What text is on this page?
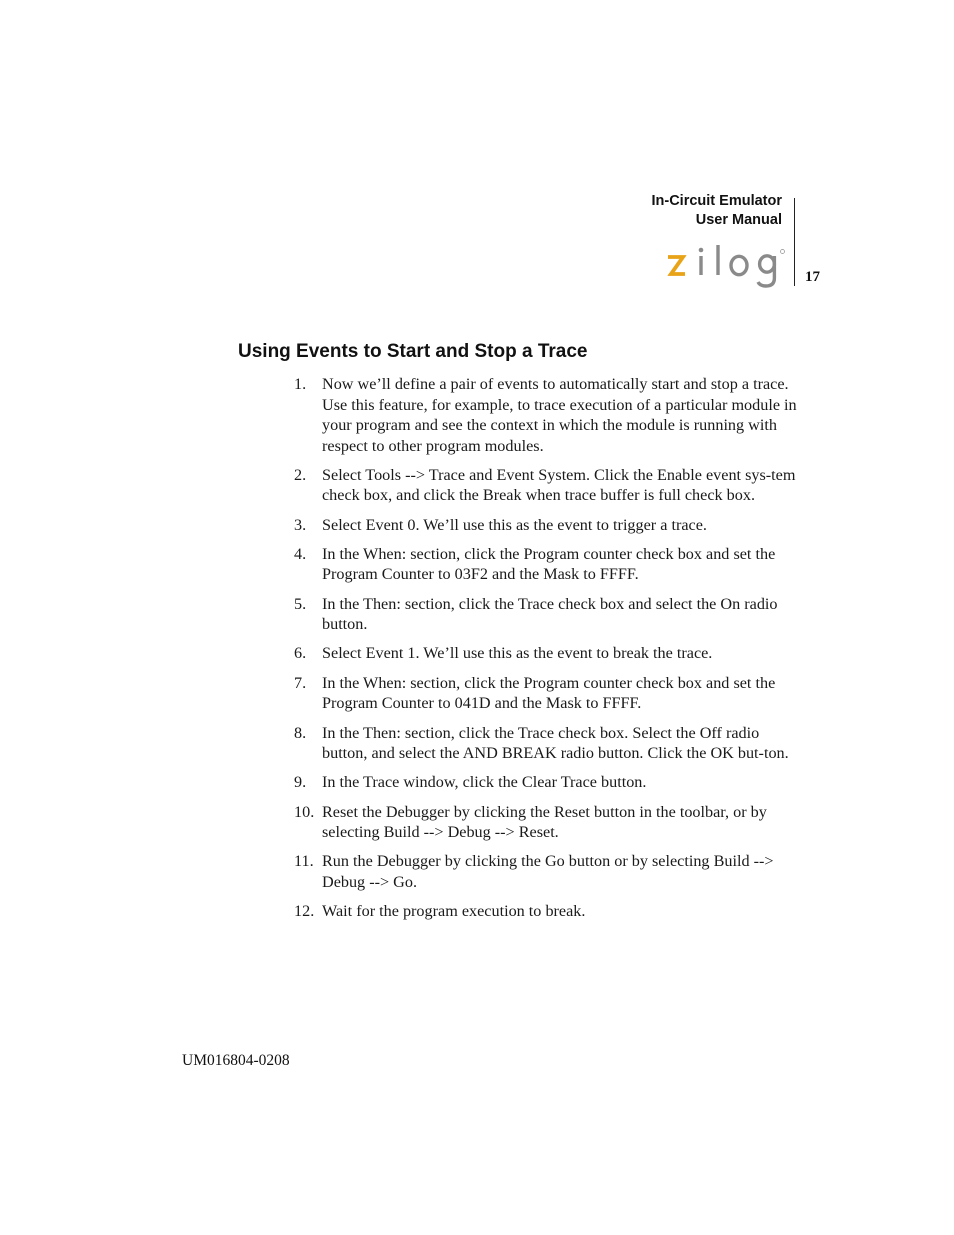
In-Circuit Emulator
User Manual
17
Using Events to Start and Stop a Trace
1. Now we’ll define a pair of events to automatically start and stop a trace. Use this feature, for example, to trace execution of a particular module in your program and see the context in which the module is running with respect to other program modules.
2. Select Tools --> Trace and Event System. Click the Enable event sys-tem check box, and click the Break when trace buffer is full check box.
3. Select Event 0. We’ll use this as the event to trigger a trace.
4. In the When: section, click the Program counter check box and set the Program Counter to 03F2 and the Mask to FFFF.
5. In the Then: section, click the Trace check box and select the On radio button.
6. Select Event 1. We’ll use this as the event to break the trace.
7. In the When: section, click the Program counter check box and set the Program Counter to 041D and the Mask to FFFF.
8. In the Then: section, click the Trace check box. Select the Off radio button, and select the AND BREAK radio button. Click the OK but-ton.
9. In the Trace window, click the Clear Trace button.
10. Reset the Debugger by clicking the Reset button in the toolbar, or by selecting Build --> Debug --> Reset.
11. Run the Debugger by clicking the Go button or by selecting Build --> Debug --> Go.
12. Wait for the program execution to break.
UM016804-0208
